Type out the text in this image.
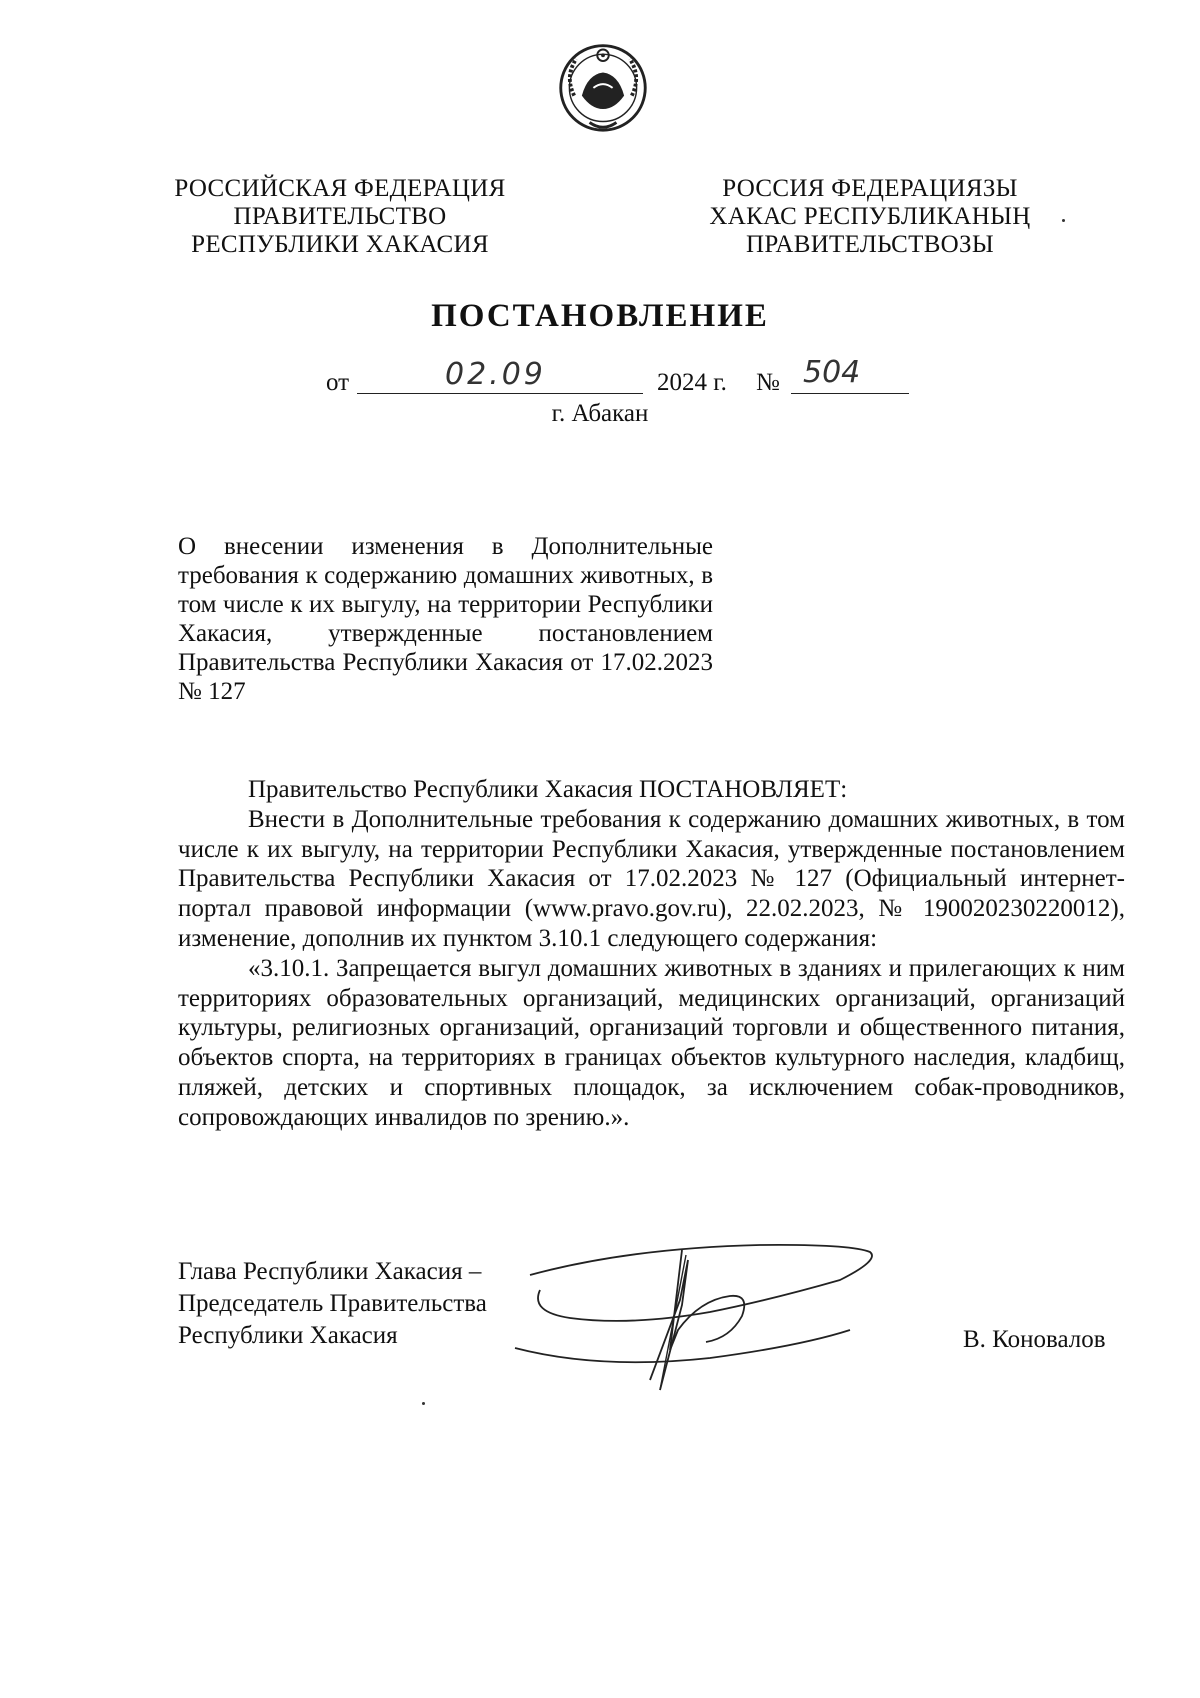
РОССИЙСКАЯ ФЕДЕРАЦИЯ
ПРАВИТЕЛЬСТВО
РЕСПУБЛИКИ ХАКАСИЯ
РОССИЯ ФЕДЕРАЦИЯЗЫ
ХАКАС РЕСПУБЛИКАНЫҢ
ПРАВИТЕЛЬСТВОЗЫ
ПОСТАНОВЛЕНИЕ
от	02.09	2024 г. № 504
г. Абакан
О внесении изменения в Дополнительные требования к содержанию домашних животных, в том числе к их выгулу, на территории Республики Хакасия, утвержденные постановлением Правительства Республики Хакасия от 17.02.2023 № 127

Правительство Республики Хакасия ПОСТАНОВЛЯЕТ:

Внести в Дополнительные требования к содержанию домашних животных, в том числе к их выгулу, на территории Республики Хакасия, утвержденные постановлением Правительства Республики Хакасия от 17.02.2023 № 127 (Официальный интернет-портал правовой информации (www.pravo.gov.ru), 22.02.2023, № 190020230220012), изменение, дополнив их пунктом 3.10.1 следующего содержания:

«3.10.1. Запрещается выгул домашних животных в зданиях и прилегающих к ним территориях образовательных организаций, медицинских организаций, организаций культуры, религиозных организаций, организаций торговли и общественного питания, объектов спорта, на территориях в границах объектов культурного наследия, кладбищ, пляжей, детских и спортивных площадок, за исключением собак-проводников, сопровождающих инвалидов по зрению.».

Глава Республики Хакасия –
Председатель Правительства
Республики Хакасия	В. Коновалов
